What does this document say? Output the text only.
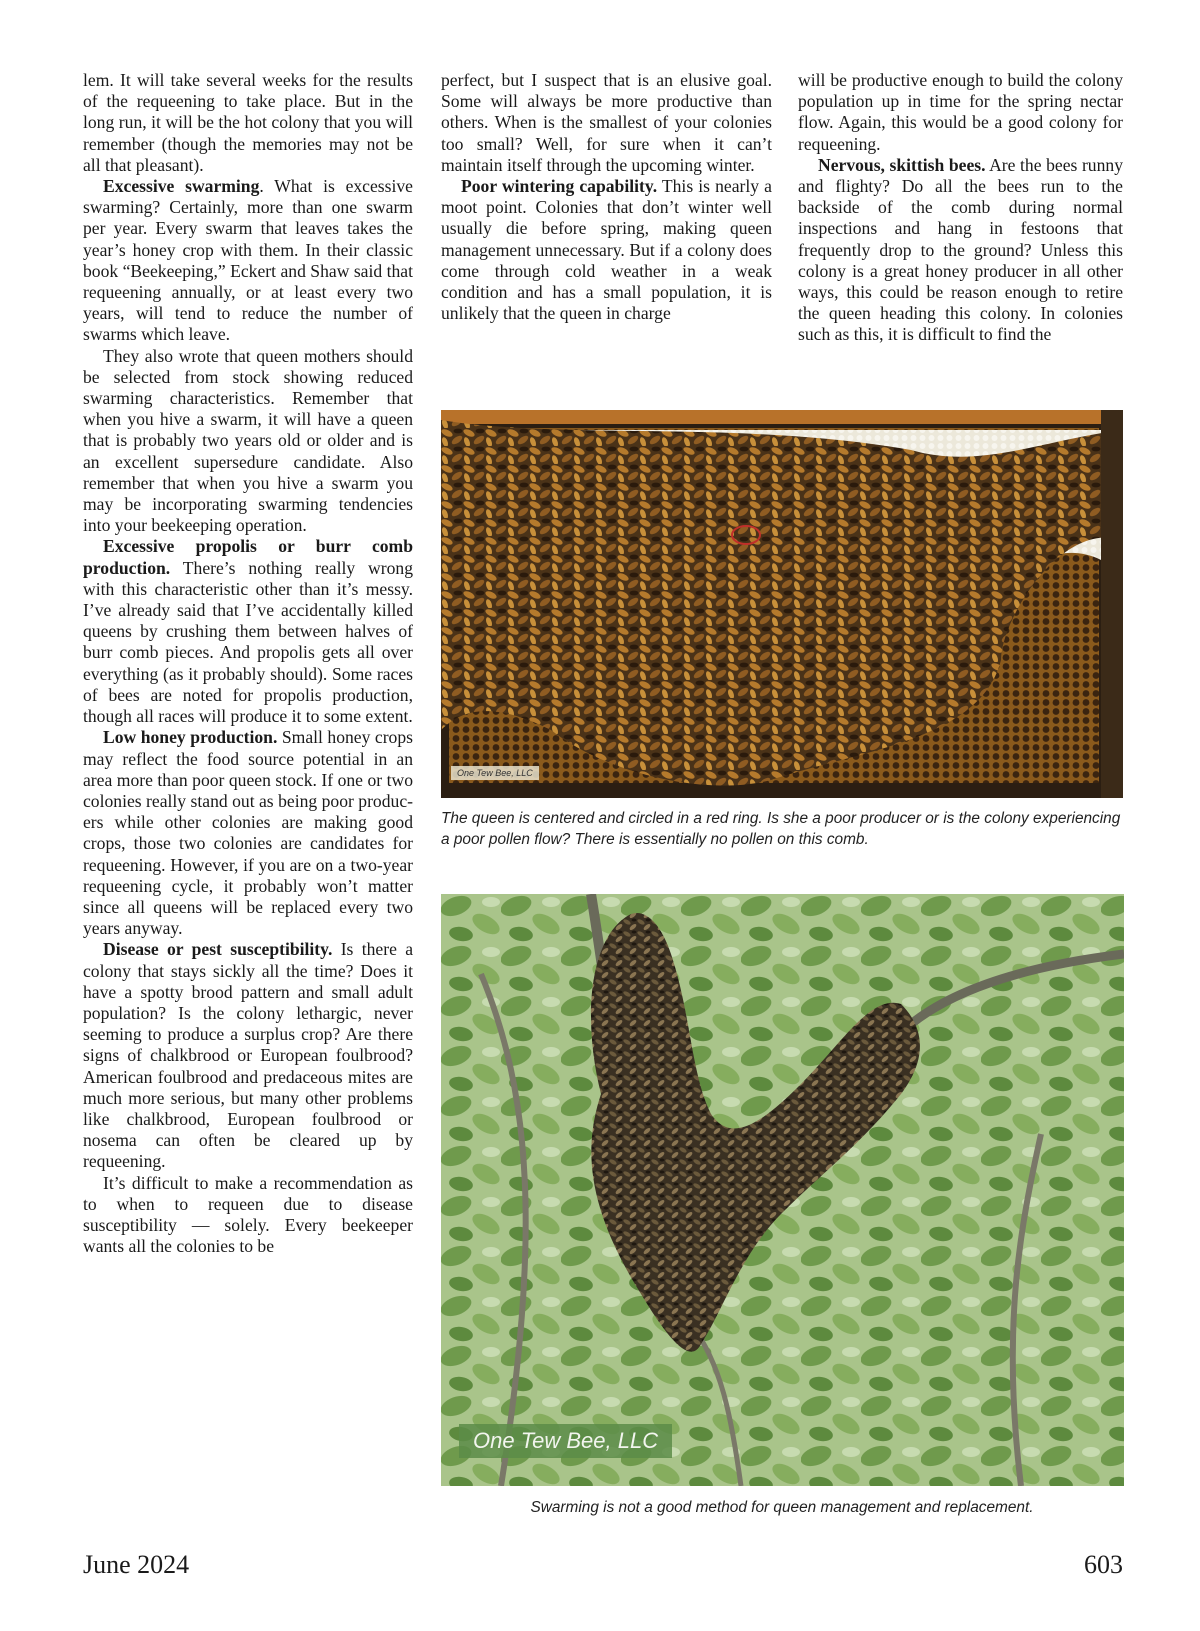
lem. It will take several weeks for the results of the requeening to take place. But in the long run, it will be the hot colony that you will remember (though the memories may not be all that pleasant).

Excessive swarming. What is excessive swarming? Certainly, more than one swarm per year. Every swarm that leaves takes the year’s honey crop with them. In their classic book “Beekeeping,” Eckert and Shaw said that requeening annually, or at least every two years, will tend to reduce the number of swarms which leave.

They also wrote that queen mothers should be selected from stock showing reduced swarming characteristics. Remember that when you hive a swarm, it will have a queen that is probably two years old or older and is an excellent supersedure candidate. Also remember that when you hive a swarm you may be incorporating swarming tendencies into your beekeeping operation.

Excessive propolis or burr comb production. There’s nothing really wrong with this characteristic other than it’s messy. I’ve already said that I’ve accidentally killed queens by crushing them between halves of burr comb pieces. And propolis gets all over everything (as it probably should). Some races of bees are noted for propolis production, though all races will produce it to some extent.

Low honey production. Small honey crops may reflect the food source potential in an area more than poor queen stock. If one or two colonies really stand out as being poor producers while other colonies are making good crops, those two colonies are candidates for requeening. However, if you are on a two-year requeening cycle, it probably won’t matter since all queens will be replaced every two years anyway.

Disease or pest susceptibility. Is there a colony that stays sickly all the time? Does it have a spotty brood pattern and small adult population? Is the colony lethargic, never seeming to produce a surplus crop? Are there signs of chalkbrood or European foulbrood? American foulbrood and predaceous mites are much more serious, but many other problems like chalkbrood, European foulbrood or nosema can often be cleared up by requeening.

It’s difficult to make a recommendation as to when to requeen due to disease susceptibility — solely. Every beekeeper wants all the colonies to be

perfect, but I suspect that is an elusive goal. Some will always be more productive than others. When is the smallest of your colonies too small? Well, for sure when it can’t maintain itself through the upcoming winter.

Poor wintering capability. This is nearly a moot point. Colonies that don’t winter well usually die before spring, making queen management unnecessary. But if a colony does come through cold weather in a weak condition and has a small population, it is unlikely that the queen in charge

will be productive enough to build the colony population up in time for the spring nectar flow. Again, this would be a good colony for requeening.

Nervous, skittish bees. Are the bees runny and flighty? Do all the bees run to the backside of the comb during normal inspections and hang in festoons that frequently drop to the ground? Unless this colony is a great honey producer in all other ways, this could be reason enough to retire the queen heading this colony. In colonies such as this, it is difficult to find the

One Tew Bee, LLC
The queen is centered and circled in a red ring. Is she a poor producer or is the colony experiencing a poor pollen flow? There is essentially no pollen on this comb.
One Tew Bee, LLC
Swarming is not a good method for queen management and replacement.
June 2024	603
